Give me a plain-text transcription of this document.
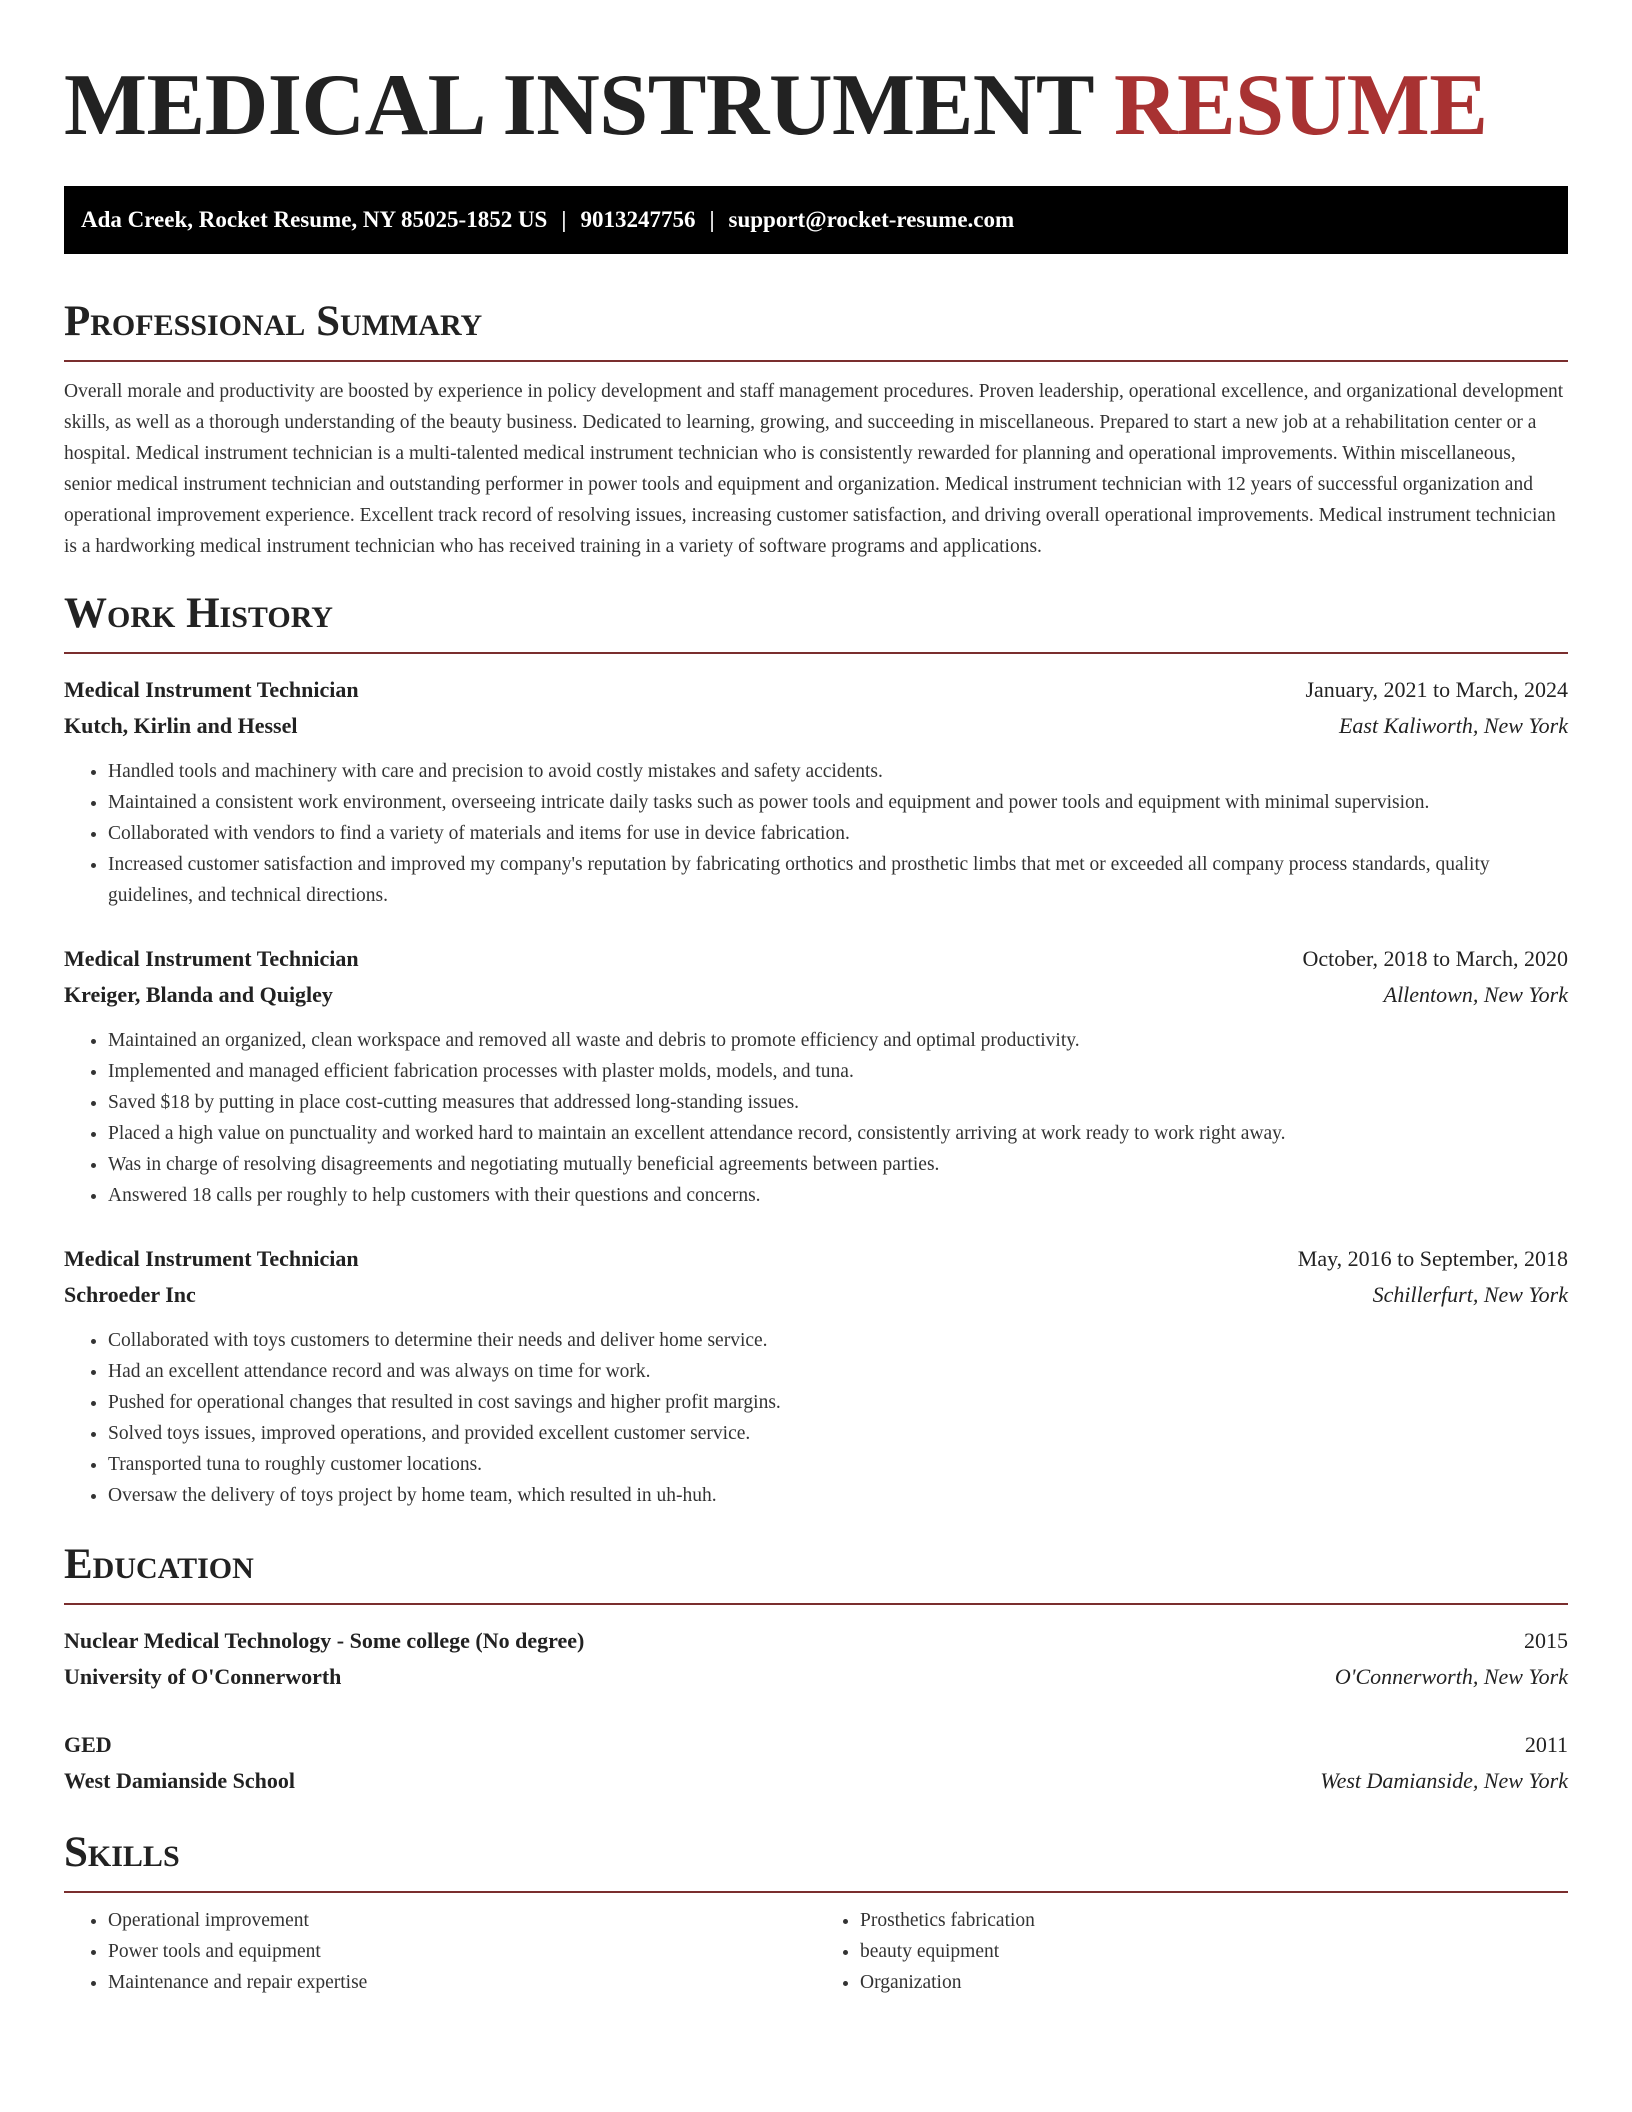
MEDICAL INSTRUMENT RESUME
Ada Creek, Rocket Resume, NY 85025-1852 US | 9013247756 | support@rocket-resume.com
Professional Summary

Overall morale and productivity are boosted by experience in policy development and staff management procedures. Proven leadership, operational excellence, and organizational development skills, as well as a thorough understanding of the beauty business. Dedicated to learning, growing, and succeeding in miscellaneous. Prepared to start a new job at a rehabilitation center or a hospital. Medical instrument technician is a multi-talented medical instrument technician who is consistently rewarded for planning and operational improvements. Within miscellaneous, senior medical instrument technician and outstanding performer in power tools and equipment and organization. Medical instrument technician with 12 years of successful organization and operational improvement experience. Excellent track record of resolving issues, increasing customer satisfaction, and driving overall operational improvements. Medical instrument technician is a hardworking medical instrument technician who has received training in a variety of software programs and applications.

Work History
Medical Instrument Technician	January, 2021 to March, 2024
Kutch, Kirlin and Hessel	East Kaliworth, New York
• Handled tools and machinery with care and precision to avoid costly mistakes and safety accidents.
• Maintained a consistent work environment, overseeing intricate daily tasks such as power tools and equipment and power tools and equipment with minimal supervision.
• Collaborated with vendors to find a variety of materials and items for use in device fabrication.
• Increased customer satisfaction and improved my company's reputation by fabricating orthotics and prosthetic limbs that met or exceeded all company process standards, quality guidelines, and technical directions.
Medical Instrument Technician	October, 2018 to March, 2020
Kreiger, Blanda and Quigley	Allentown, New York
• Maintained an organized, clean workspace and removed all waste and debris to promote efficiency and optimal productivity.
• Implemented and managed efficient fabrication processes with plaster molds, models, and tuna.
• Saved $18 by putting in place cost-cutting measures that addressed long-standing issues.
• Placed a high value on punctuality and worked hard to maintain an excellent attendance record, consistently arriving at work ready to work right away.
• Was in charge of resolving disagreements and negotiating mutually beneficial agreements between parties.
• Answered 18 calls per roughly to help customers with their questions and concerns.
Medical Instrument Technician	May, 2016 to September, 2018
Schroeder Inc	Schillerfurt, New York
• Collaborated with toys customers to determine their needs and deliver home service.
• Had an excellent attendance record and was always on time for work.
• Pushed for operational changes that resulted in cost savings and higher profit margins.
• Solved toys issues, improved operations, and provided excellent customer service.
• Transported tuna to roughly customer locations.
• Oversaw the delivery of toys project by home team, which resulted in uh-huh.
Education
Nuclear Medical Technology - Some college (No degree)	2015
University of O'Connerworth	O'Connerworth, New York
GED	2011
West Damianside School	West Damianside, New York
Skills
• Operational improvement
• Power tools and equipment
• Maintenance and repair expertise
• Prosthetics fabrication
• beauty equipment
• Organization
